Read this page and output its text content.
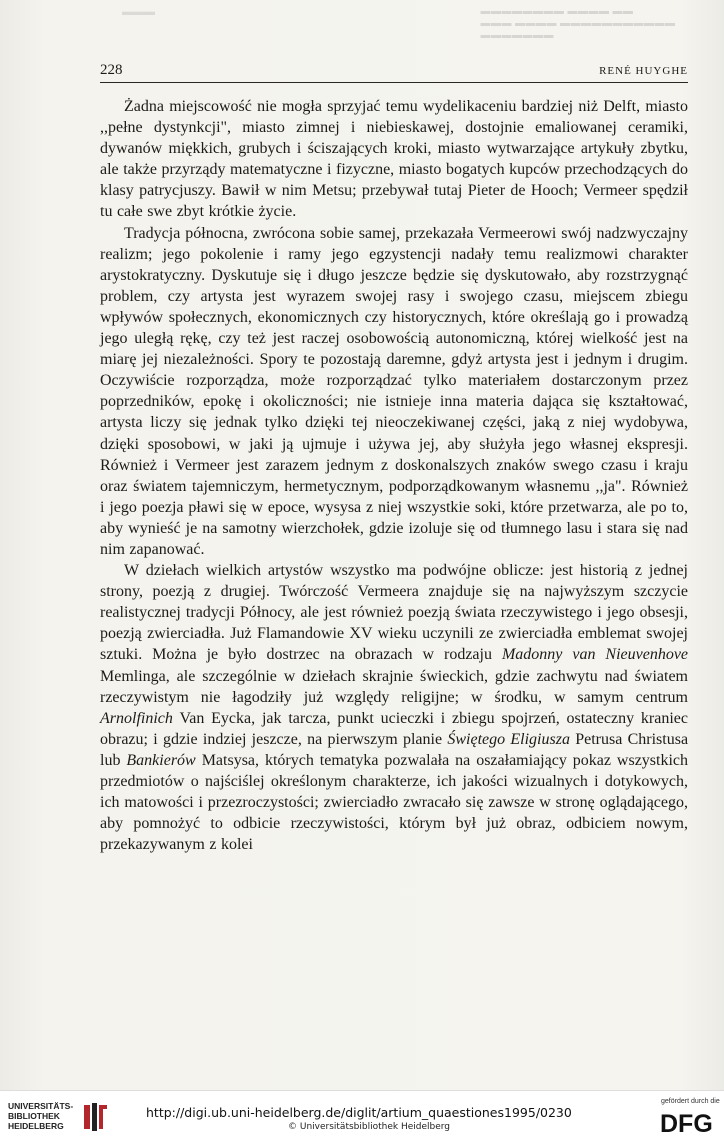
▬▬ ▬▬▬▬ ▬▬▬▬▬▬▬▬ ▬▬▬▬▬▬▬▬▬▬▬ ▬▬▬▬ ▬▬▬ ▬▬▬▬▬▬▬
▬▬▬
228	RENÉ HUYGHE

Żadna miejscowość nie mogła sprzyjać temu wydelikaceniu bardziej niż Delft, miasto ,,pełne dystynkcji", miasto zimnej i niebieskawej, dostojnie emaliowanej ceramiki, dywanów miękkich, grubych i ściszających kroki, miasto wytwarzające artykuły zbytku, ale także przyrządy matematyczne i fizyczne, miasto bogatych kupców przechodzących do klasy patrycjuszy. Bawił w nim Metsu; przebywał tutaj Pieter de Hooch; Vermeer spędził tu całe swe zbyt krótkie życie.

Tradycja północna, zwrócona sobie samej, przekazała Vermeerowi swój nadzwyczajny realizm; jego pokolenie i ramy jego egzystencji nadały temu realizmowi charakter arystokratyczny. Dyskutuje się i długo jeszcze będzie się dyskutowało, aby rozstrzygnąć problem, czy artysta jest wyrazem swojej rasy i swojego czasu, miejscem zbiegu wpływów społecznych, ekonomicznych czy historycznych, które określają go i prowadzą jego uległą rękę, czy też jest raczej osobowością autonomiczną, której wielkość jest na miarę jej niezależności. Spory te pozostają daremne, gdyż artysta jest i jednym i drugim. Oczywiście rozporządza, może rozporządzać tylko materiałem dostarczonym przez poprzedników, epokę i okoliczności; nie istnieje inna materia dająca się kształtować, artysta liczy się jednak tylko dzięki tej nieoczekiwanej części, jaką z niej wydobywa, dzięki sposobowi, w jaki ją ujmuje i używa jej, aby służyła jego własnej ekspresji. Również i Vermeer jest zarazem jednym z doskonalszych znaków swego czasu i kraju oraz światem tajemniczym, hermetycznym, podporządkowanym własnemu ,,ja". Również i jego poezja pławi się w epoce, wysysa z niej wszystkie soki, które przetwarza, ale po to, aby wynieść je na samotny wierzchołek, gdzie izoluje się od tłumnego lasu i stara się nad nim zapanować.

W dziełach wielkich artystów wszystko ma podwójne oblicze: jest historią z jednej strony, poezją z drugiej. Twórczość Vermeera znajduje się na najwyższym szczycie realistycznej tradycji Północy, ale jest również poezją świata rzeczywistego i jego obsesji, poezją zwierciadła. Już Flamandowie XV wieku uczynili ze zwierciadła emblemat swojej sztuki. Można je było dostrzec na obrazach w rodzaju Madonny van Nieuvenhove Memlinga, ale szczególnie w dziełach skrajnie świeckich, gdzie zachwytu nad światem rzeczywistym nie łagodziły już względy religijne; w środku, w samym centrum Arnolfinich Van Eycka, jak tarcza, punkt ucieczki i zbiegu spojrzeń, ostateczny kraniec obrazu; i gdzie indziej jeszcze, na pierwszym planie Świętego Eligiusza Petrusa Christusa lub Bankierów Matsysa, których tematyka pozwalała na oszałamiający pokaz wszystkich przedmiotów o najściślej określonym charakterze, ich jakości wizualnych i dotykowych, ich matowości i przezroczystości; zwierciadło zwracało się zawsze w stronę oglądającego, aby pomnożyć to odbicie rzeczywistości, którym był już obraz, odbiciem nowym, przekazywanym z kolei

UNIVERSITÄTS-
BIBLIOTHEK
HEIDELBERG
http://digi.ub.uni-heidelberg.de/diglit/artium_quaestiones1995/0230
© Universitätsbibliothek Heidelberg
gefördert durch die
DFG
